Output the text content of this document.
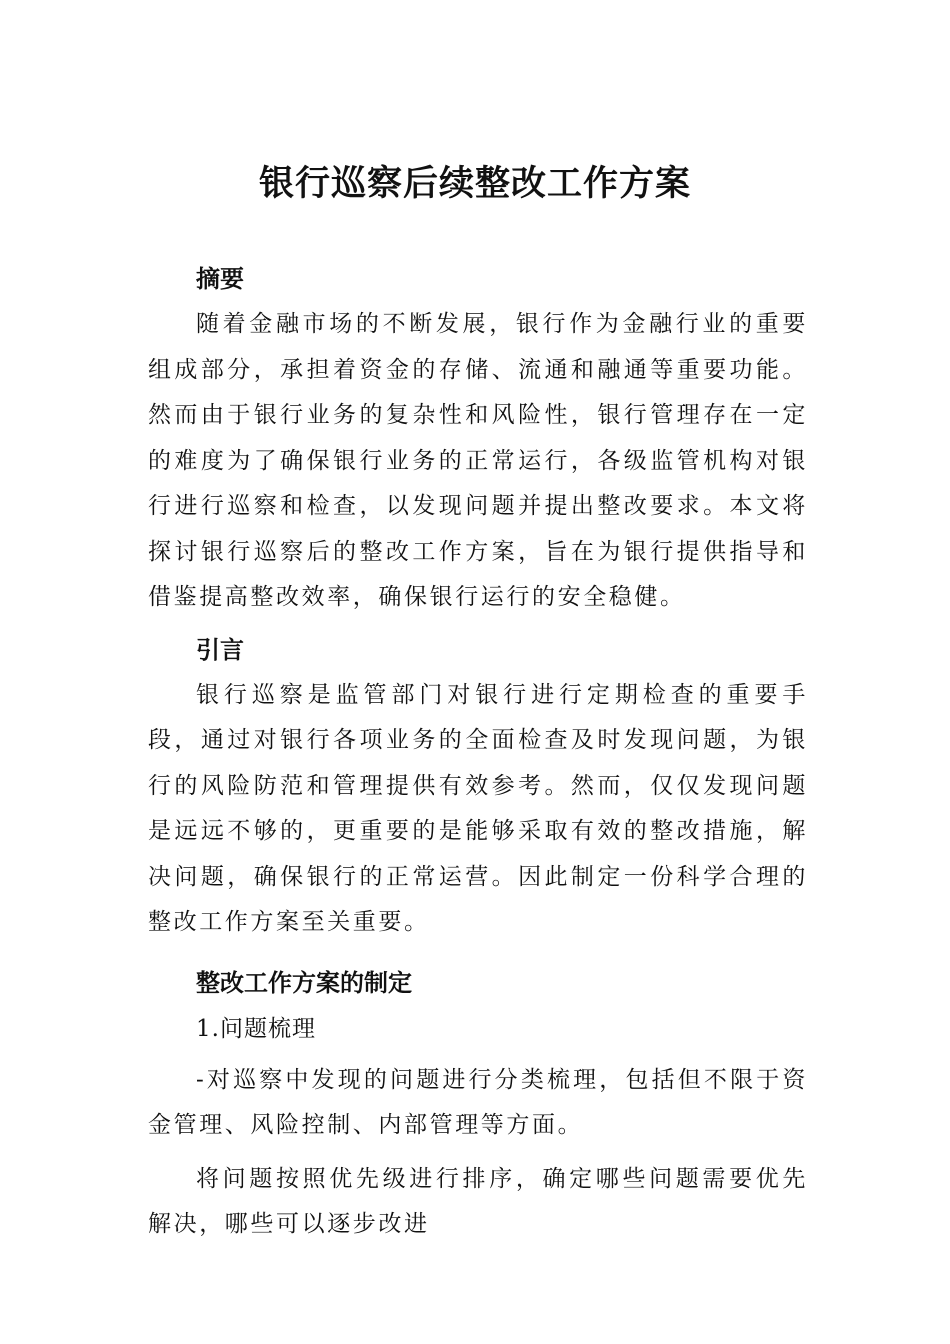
银行巡察后续整改工作方案
摘要

随着金融市场的不断发展，银行作为金融行业的重要组成部分，承担着资金的存储、流通和融通等重要功能。然而由于银行业务的复杂性和风险性，银行管理存在一定的难度为了确保银行业务的正常运行，各级监管机构对银行进行巡察和检查，以发现问题并提出整改要求。本文将探讨银行巡察后的整改工作方案，旨在为银行提供指导和借鉴提高整改效率，确保银行运行的安全稳健。

引言

银行巡察是监管部门对银行进行定期检查的重要手段，通过对银行各项业务的全面检查及时发现问题，为银行的风险防范和管理提供有效参考。然而，仅仅发现问题是远远不够的，更重要的是能够采取有效的整改措施，解决问题，确保银行的正常运营。因此制定一份科学合理的整改工作方案至关重要。

整改工作方案的制定

1.问题梳理

-对巡察中发现的问题进行分类梳理，包括但不限于资金管理、风险控制、内部管理等方面。

将问题按照优先级进行排序，确定哪些问题需要优先解决，哪些可以逐步改进
